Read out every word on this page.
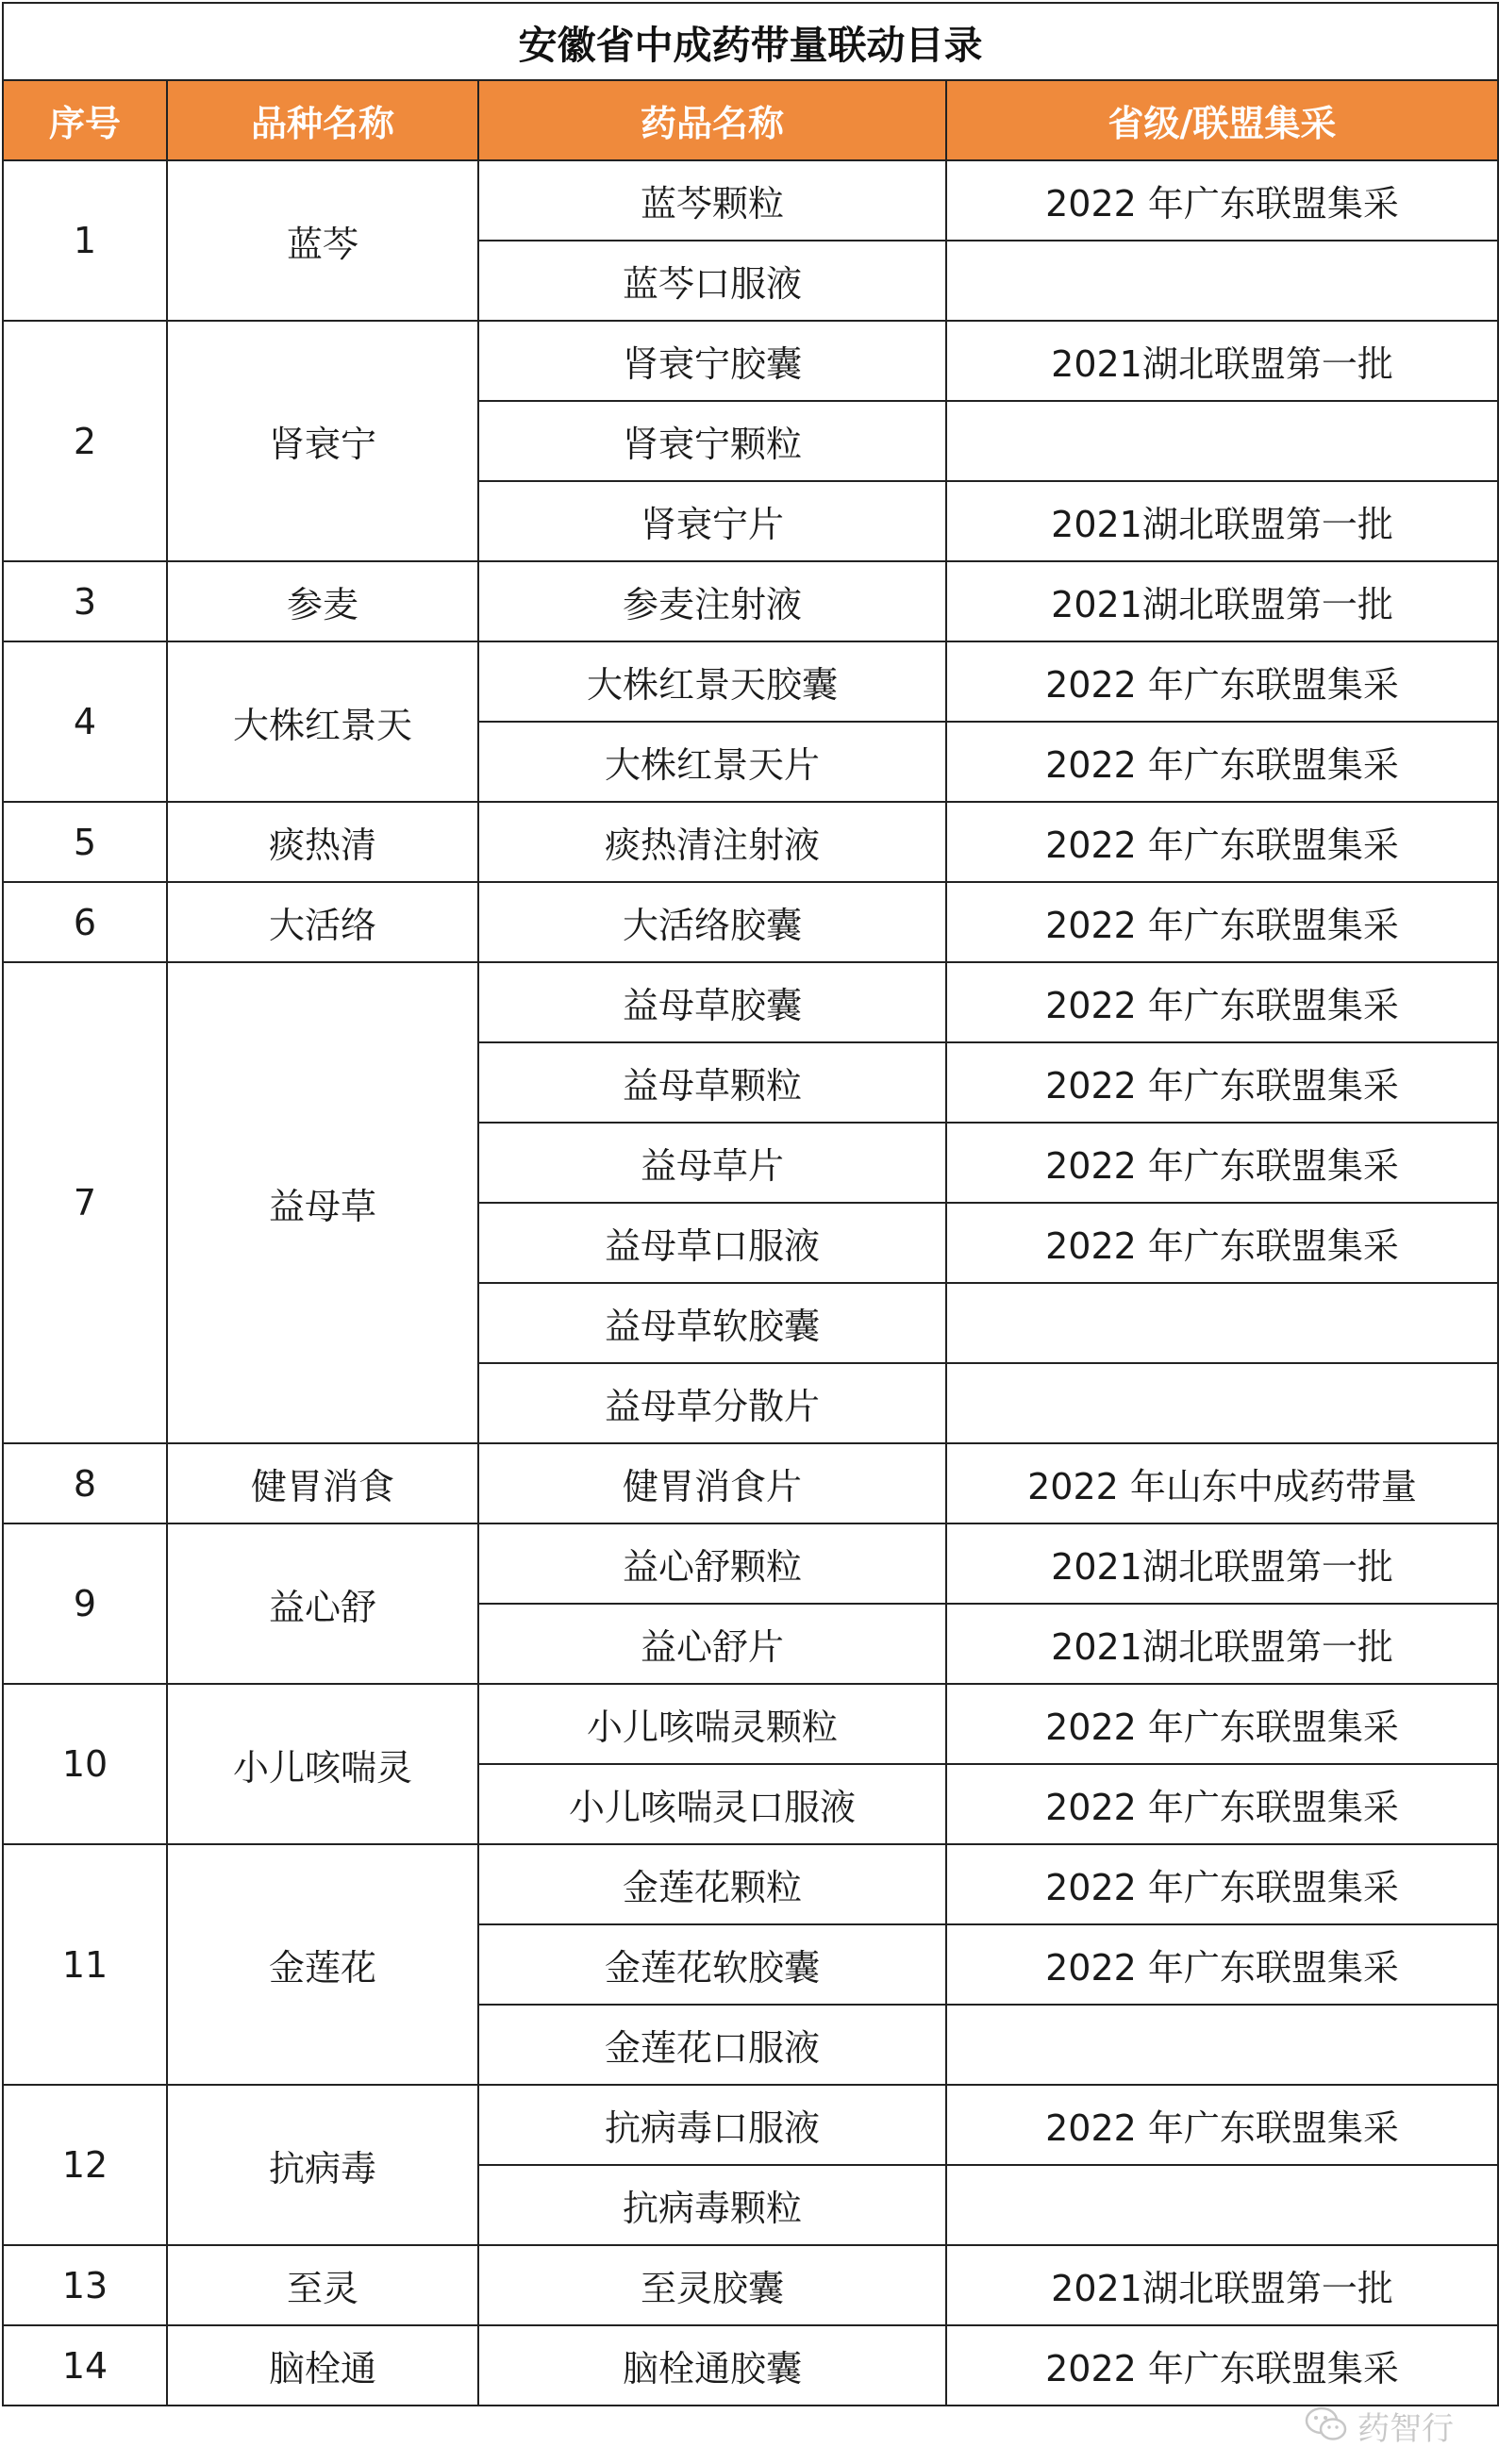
安徽省中成药带量联动目录			
序号	品种名称	药品名称	省级/联盟集采
1	蓝芩	蓝芩颗粒	2022 年广东联盟集采
		蓝芩口服液	
2	肾衰宁	肾衰宁胶囊	2021湖北联盟第一批
		肾衰宁颗粒	
		肾衰宁片	2021湖北联盟第一批
3	参麦	参麦注射液	2021湖北联盟第一批
4	大株红景天	大株红景天胶囊	2022 年广东联盟集采
		大株红景天片	2022 年广东联盟集采
5	痰热清	痰热清注射液	2022 年广东联盟集采
6	大活络	大活络胶囊	2022 年广东联盟集采
7	益母草	益母草胶囊	2022 年广东联盟集采
		益母草颗粒	2022 年广东联盟集采
		益母草片	2022 年广东联盟集采
		益母草口服液	2022 年广东联盟集采
		益母草软胶囊	
		益母草分散片	
8	健胃消食	健胃消食片	2022 年山东中成药带量
9	益心舒	益心舒颗粒	2021湖北联盟第一批
		益心舒片	2021湖北联盟第一批
10	小儿咳喘灵	小儿咳喘灵颗粒	2022 年广东联盟集采
		小儿咳喘灵口服液	2022 年广东联盟集采
11	金莲花	金莲花颗粒	2022 年广东联盟集采
		金莲花软胶囊	2022 年广东联盟集采
		金莲花口服液	
12	抗病毒	抗病毒口服液	2022 年广东联盟集采
		抗病毒颗粒	
13	至灵	至灵胶囊	2021湖北联盟第一批
14	脑栓通	脑栓通胶囊	2022 年广东联盟集采
药智行
